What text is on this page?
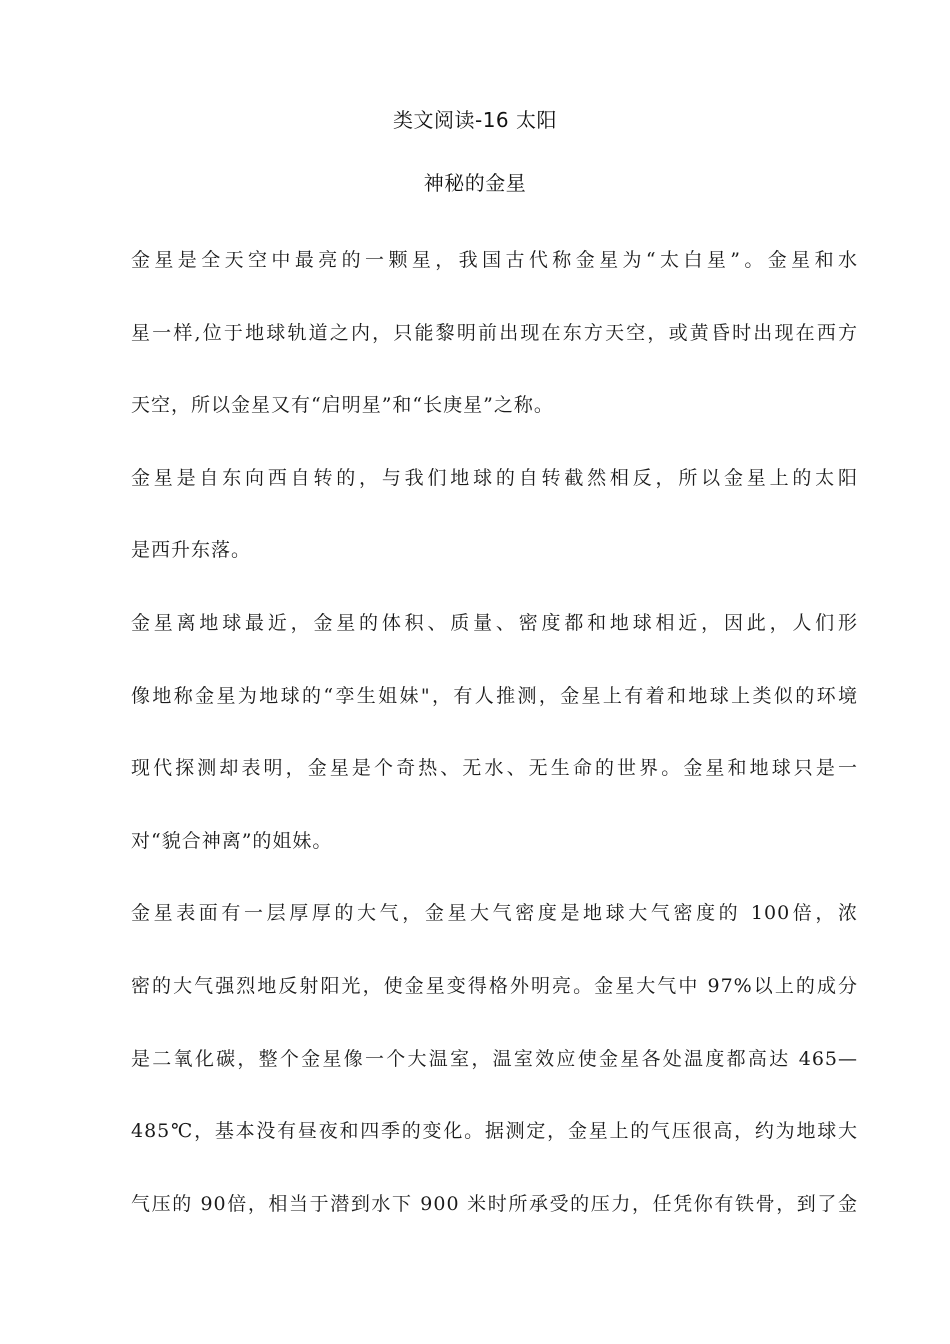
类文阅读-16 太阳
神秘的金星

金星是全天空中最亮的一颗星，我国古代称金星为“太白星”。金星和水
星一样,位于地球轨道之内，只能黎明前出现在东方天空，或黄昏时出现在西方
天空，所以金星又有“启明星”和“长庚星”之称。

金星是自东向西自转的，与我们地球的自转截然相反，所以金星上的太阳
是西升东落。

金星离地球最近，金星的体积、质量、密度都和地球相近，因此，人们形
像地称金星为地球的“孪生姐妹"，有人推测，金星上有着和地球上类似的环境
现代探测却表明，金星是个奇热、无水、无生命的世界。金星和地球只是一
对“貌合神离”的姐妹。

金星表面有一层厚厚的大气，金星大气密度是地球大气密度的 100倍，浓
密的大气强烈地反射阳光，使金星变得格外明亮。金星大气中 97%以上的成分
是二氧化碳，整个金星像一个大温室，温室效应使金星各处温度都高达 465—
485℃，基本没有昼夜和四季的变化。据测定，金星上的气压很高，约为地球大
气压的 90倍，相当于潜到水下 900 米时所承受的压力，任凭你有铁骨，到了金
